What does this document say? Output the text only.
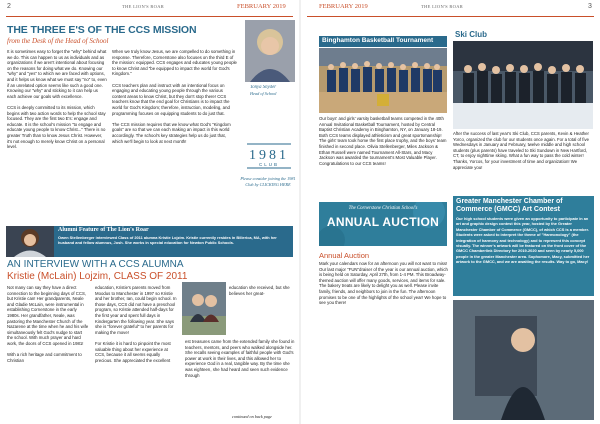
2	THE LION'S ROAR	FEBRUARY 2019
THE THREE E'S OF THE CCS MISSION
from the Desk of the Head of School
It is sometimes easy to forget the "why" behind what we do. This can happen to us as individuals and as organizations if we aren't intentional about focusing on the reasons for doing what we do. Knowing our "why" and "yes" to which we are faced with options, and it helps us know what we must say "no" to, even if an unrelated option seems like such a good one. Knowing our "why" and sticking to it can help us each achieve our goals with excellence.

CCS is deeply committed to its mission, which begins with two action words to help the school stay focused. They are the first two E's: engage and educate. It is the school's mission "to engage and educate young people to know Christ..." There is no greater Truth than to know Jesus Christ. However, it's not enough to merely know Christ on a personal level.
When we truly know Jesus, we are compelled to do something in response. Therefore, Cornerstone also focuses on the third E of the mission: equipped. CCS engages and educates young people to know Christ and "be equipped to impact the world for God's Kingdom."

CCS teachers plan and instruct with an intentional focus on engaging and educating young people through the various content areas to know Christ, but they don't stop there! CCS teachers know that the end goal for Christians is to impact the world for God's Kingdom; therefore, instruction, modeling, and programming focuses on equipping students to do just that.

The CCS mission requires that we know what God's "Kingdom goals" are so that we can each making an impact in this world accordingly. The school's key strategies help us do just that, which we'll begin to look at next month!
Tonya Snyder
Head of School
1981
CLUB
Please consider joining the 1981 Club by CLICKING HERE
Alumni Feature of The Lion's Roar
Owen Stellenberger interviewed Class of 2011 alumna Kristie Lojzim. Kristie currently resides in Billerica, MA, with her husband and fellow alumnus, Josh. She works in special education for Newton Public Schools.
AN INTERVIEW WITH A CCS ALUMNA
Kristie (McLain) Lojzim, CLASS OF 2011
Not many can say they have a direct connection to the beginning days of CCS, but Kristie can! Her grandparents, Neale and Gladie McLain, were instrumental in establishing Cornerstone in the early 1980s. Her grandfather, Neale, was pastoring the Manchester Church of the Nazarene at the time when he and his wife simultaneously felt God's nudge to start the school. With much prayer and hard work, the doors of CCS opened in 1981!

With a rich heritage and commitment to Christian
education, Kristie's parents moved from Moodus to Manchester in 1997 so Kristie and her brother, Ian, could begin school. In those days, CCS did not have a preschool program, so Kristie attended half-days for the first year and spent full days in Kindergarten the following year. She says she is "forever grateful" to her parents for making the move!

For Kristie it is hard to pinpoint the most valuable thing about her experience at CCS, because it all seems equally precious. She appreciated the excellent
education she received, but she believes her great-
est treasures came from the extended family she found in teachers, mentors, and peers who walked alongside her. She recalls seeing examples of faithful people with God's power at work in their lives, and this allowed her to experience God in a real, tangible way. By the time she was eighteen, she had heard and seen such evidence through
continued on back page
FEBRUARY 2019	THE LION'S ROAR	3
Binghamton Basketball Tournament
Our boys' and girls' varsity basketball teams competed in the 40th Annual Invitational Basketball Tournament, hosted by Central Baptist Christian Academy in Binghamton, NY, on January 18-19. Both CCS teams displayed athleticism and great sportsmanship! The girls' team took home the first place trophy, and the boys' team finished in second place. Olivia Stellenberger, Miles Jackson & Ethan Russell were named Tournament All-Stars, and Macy Jackson was awarded the tournament's Most Valuable Player. Congratulations to our CCS teams!
The Cornerstone Christian School's
ANNUAL AUCTION
Annual Auction
Mark your calendars now for an afternoon you will not want to miss! Our last major "FUN"draiser of the year is our annual auction, which is being held on Saturday, April 27th, from 1-4 PM. This Broadway-themed auction will offer many goods, services, and items for sale. The bakery treats are likely to delight you as well. Please invite family, friends, and neighbors to join in the fun. The afternoon promises to be one of the highlights of the school year! We hope to see you there!
Ski Club
After the success of last year's Ski Club, CCS parents, Kevin & Heather Yorco, organized the club for our students once again. For a total of five Wednesdays in January and February, twelve middle and high school students (plus parents) have traveled to Ski Sundown in New Hartford, CT, to enjoy nighttime skiing. What a fun way to pass the cold winter! Thanks, Yorcos, for your investment of time and organization! We appreciate you!
Greater Manchester Chamber of Commerce (GMCC) Art Contest
Our high school students were given an opportunity to participate in an art and graphic design contest this year, hosted by the Greater Manchester Chamber of Commerce (GMCC), of which CCS is a member. Students were asked to interpret the theme of "Harmonology" (the integration of harmony and technology) and to represent this concept visually. The winner's artwork will be featured on the front cover of the GMCC Chamberlink Directory for 2019-2020 and seen by nearly 5,000 people in the greater Manchester area. Sophomore, Macy, submitted her artwork to the GMCC, and we are awaiting the results. Way to go, Macy!
